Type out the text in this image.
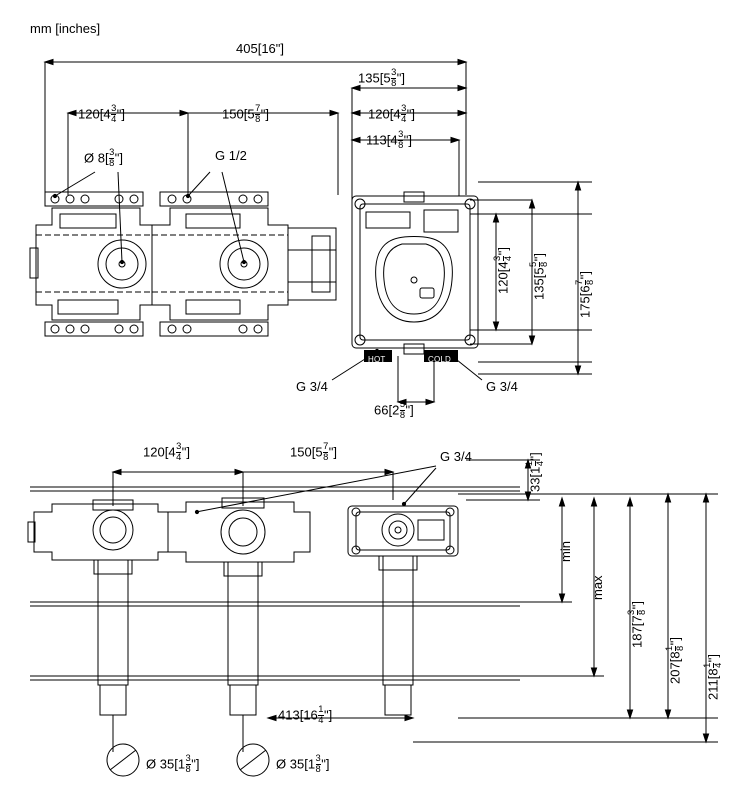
mm [inches]
405[16"]
$135[5 \frac{3}{8}$ "]
$120[4 \frac{3}{4}$ "]	$150[5 \frac{7}{8}$ "]	$120[4 \frac{3}{4}$ "]
$113[4 \frac{3}{8}$ "]
Ø $8[ \frac{3}{8}$ "]	G 1/2
120[4
3 4
"]
135[5
5 8
"]
175[6
7 8
"]
HOT	COLD
G 3/4	G 3/4
$66[2 \frac{5}{8}$ "]
$120[4 \frac{3}{4}$ "]	$150[5 \frac{7}{8}$ "]	G 3/4
33[1
1 4
"]
min
max
187[7
3 8
"]
207[8
1 8
"]
211[8
1 4
"]
$413[16 \frac{1}{4}$ "]
Ø $35[1 \frac{3}{8}$ "]	Ø $35[1 \frac{3}{8}$ "]
